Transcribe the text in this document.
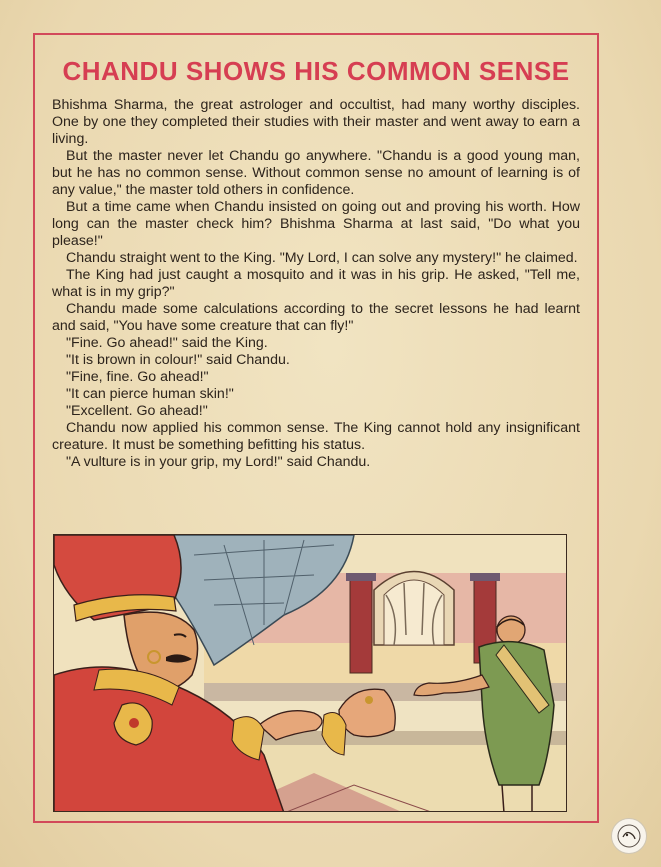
CHANDU SHOWS HIS COMMON SENSE

Bhishma Sharma, the great astrologer and occultist, had many worthy disciples. One by one they completed their studies with their master and went away to earn a living.

But the master never let Chandu go anywhere. "Chandu is a good young man, but he has no common sense. Without common sense no amount of learning is of any value," the master told others in confidence.

But a time came when Chandu insisted on going out and proving his worth. How long can the master check him? Bhishma Sharma at last said, "Do what you please!"

Chandu straight went to the King. "My Lord, I can solve any mystery!" he claimed.

The King had just caught a mosquito and it was in his grip. He asked, "Tell me, what is in my grip?"

Chandu made some calculations according to the secret lessons he had learnt and said, "You have some creature that can fly!"

"Fine. Go ahead!" said the King.

"It is brown in colour!" said Chandu.

"Fine, fine. Go ahead!"

"It can pierce human skin!"

"Excellent. Go ahead!"

Chandu now applied his common sense. The King cannot hold any insignificant creature. It must be something befitting his status.

"A vulture is in your grip, my Lord!" said Chandu.
